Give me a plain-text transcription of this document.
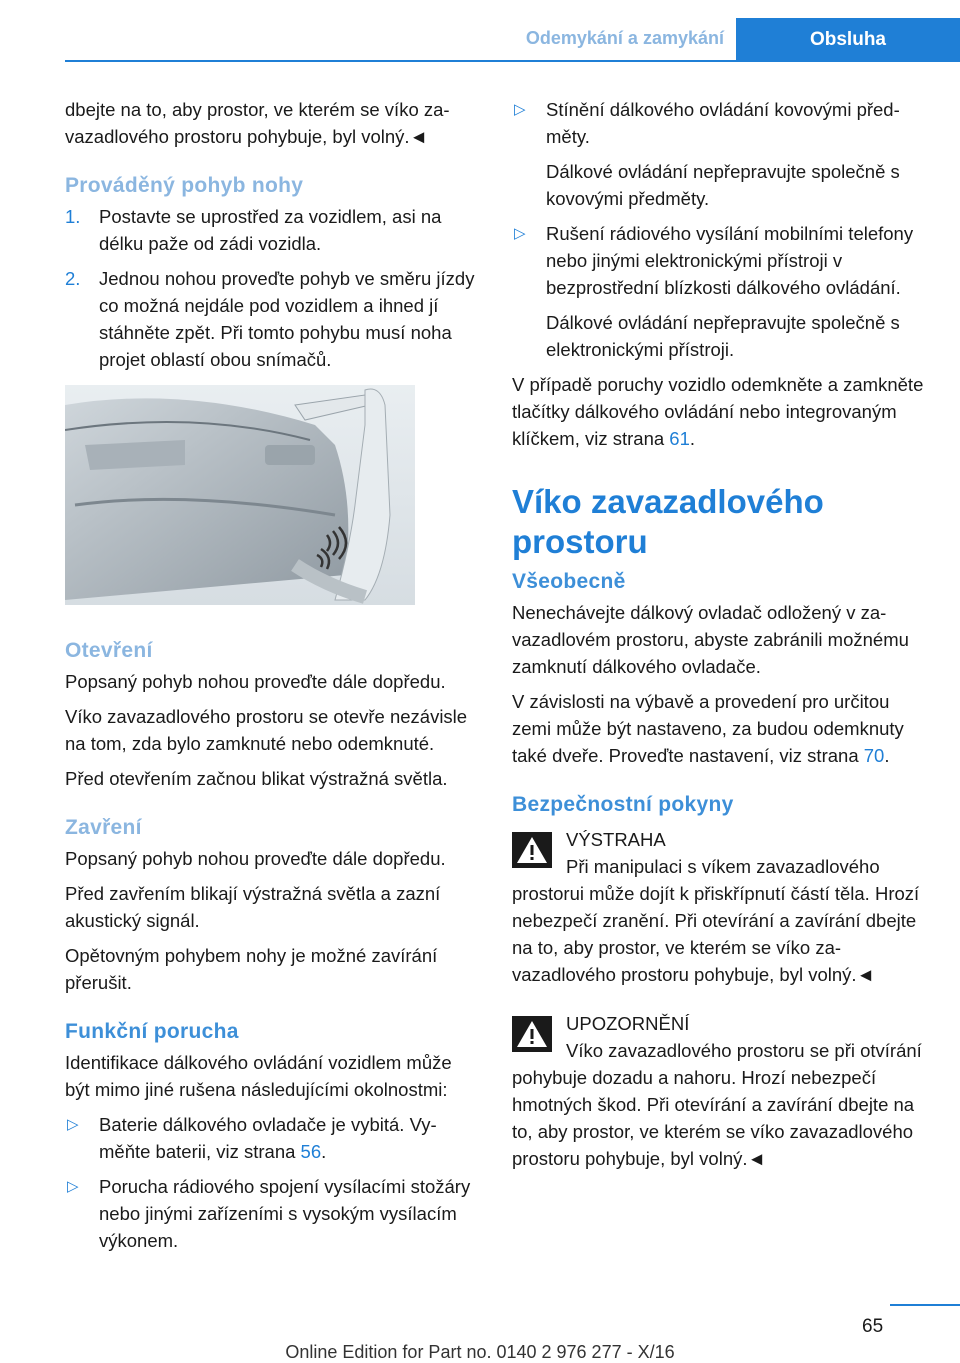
Odemykání a zamykání	Obsluha

dbejte na to, aby prostor, ve kterém se víko zavazadlového prostoru pohybuje, byl volný.◄

Prováděný pohyb nohy
1. Postavte se uprostřed za vozidlem, asi na délku paže od zádi vozidla.
2. Jednou nohou proveďte pohyb ve směru jízdy co možná nejdále pod vozidlem a ihned jí stáhněte zpět. Při tomto pohybu musí noha projet oblastí obou snímačů.
Otevření

Popsaný pohyb nohou proveďte dále dopředu.

Víko zavazadlového prostoru se otevře nezávisle na tom, zda bylo zamknuté nebo odemknuté.

Před otevřením začnou blikat výstražná světla.

Zavření

Popsaný pohyb nohou proveďte dále dopředu.

Před zavřením blikají výstražná světla a zazní akustický signál.

Opětovným pohybem nohy je možné zavírání přerušit.

Funkční porucha

Identifikace dálkového ovládání vozidlem může být mimo jiné rušena následujícími okolnostmi:

▷ Baterie dálkového ovladače je vybitá. Vyměňte baterii, viz strana 56.
▷ Porucha rádiového spojení vysílacími stožáry nebo jinými zařízeními s vysokým vysílacím výkonem.
▷ Stínění dálkového ovládání kovovými předměty.

Dálkové ovládání nepřepravujte společně s kovovými předměty.

▷ Rušení rádiového vysílání mobilními telefony nebo jinými elektronickými přístroji v bezprostřední blízkosti dálkového ovládání.

Dálkové ovládání nepřepravujte společně s elektronickými přístroji.

V případě poruchy vozidlo odemkněte a zamkněte tlačítky dálkového ovládání nebo integrovaným klíčkem, viz strana 61.

Víko zavazadlového prostoru
Všeobecně

Nenechávejte dálkový ovladač odložený v zavazadlovém prostoru, abyste zabránili možnému zamknutí dálkového ovladače.

V závislosti na výbavě a provedení pro určitou zemi může být nastaveno, za budou odemknuty také dveře. Proveďte nastavení, viz strana 70.

Bezpečnostní pokyny
VÝSTRAHA
Při manipulaci s víkem zavazadlového prostorui může dojít k přiskřípnutí částí těla. Hrozí nebezpečí zranění. Při otevírání a zavírání dbejte na to, aby prostor, ve kterém se víko zavazadlového prostoru pohybuje, byl volný.◄
UPOZORNĚNÍ
Víko zavazadlového prostoru se při otvírání pohybuje dozadu a nahoru. Hrozí nebezpečí hmotných škod. Při otevírání a zavírání dbejte na to, aby prostor, ve kterém se víko zavazadlového prostoru pohybuje, byl volný.◄
65
Online Edition for Part no. 0140 2 976 277 - X/16
